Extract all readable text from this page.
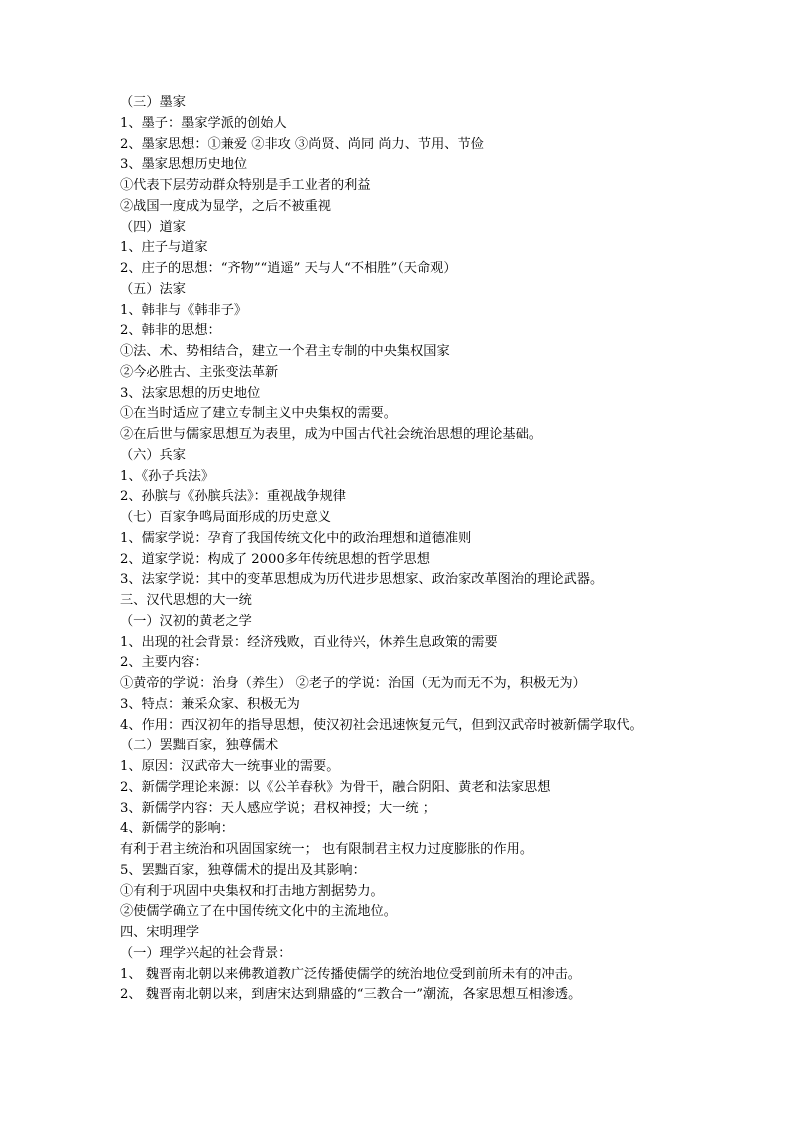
（三）墨家
1、墨子：墨家学派的创始人
2、墨家思想：①兼爱 ②非攻 ③尚贤、尚同 尚力、节用、节俭
3、墨家思想历史地位
①代表下层劳动群众特别是手工业者的利益
②战国一度成为显学，之后不被重视
（四）道家
1、庄子与道家
2、庄子的思想：“齐物”“逍遥” 天与人“不相胜”（天命观）
（五）法家
1、韩非与《韩非子》
2、韩非的思想：
①法、术、势相结合，建立一个君主专制的中央集权国家
②今必胜古、主张变法革新
3、法家思想的历史地位
①在当时适应了建立专制主义中央集权的需要。
②在后世与儒家思想互为表里，成为中国古代社会统治思想的理论基础。
（六）兵家
1、《孙子兵法》
2、孙膑与《孙膑兵法》：重视战争规律
（七）百家争鸣局面形成的历史意义
1、儒家学说：孕育了我国传统文化中的政治理想和道德准则
2、道家学说：构成了 2000多年传统思想的哲学思想
3、法家学说：其中的变革思想成为历代进步思想家、政治家改革图治的理论武器。
三、汉代思想的大一统
（一）汉初的黄老之学
1、出现的社会背景：经济残败，百业待兴，休养生息政策的需要
2、主要内容：
①黄帝的学说：治身（养生） ②老子的学说：治国（无为而无不为，积极无为）
3、特点：兼采众家、积极无为
4、作用：西汉初年的指导思想，使汉初社会迅速恢复元气，但到汉武帝时被新儒学取代。
（二）罢黜百家，独尊儒术
1、原因：汉武帝大一统事业的需要。
2、新儒学理论来源：以《公羊春秋》为骨干，融合阴阳、黄老和法家思想
3、新儒学内容：天人感应学说；君权神授；大一统 ；
4、新儒学的影响：
有利于君主统治和巩固国家统一； 也有限制君主权力过度膨胀的作用。
5、罢黜百家，独尊儒术的提出及其影响：
①有利于巩固中央集权和打击地方割据势力。
②使儒学确立了在中国传统文化中的主流地位。
四、宋明理学
（一）理学兴起的社会背景：
1、 魏晋南北朝以来佛教道教广泛传播使儒学的统治地位受到前所未有的冲击。
2、 魏晋南北朝以来，到唐宋达到鼎盛的“三教合一”潮流，各家思想互相渗透。
